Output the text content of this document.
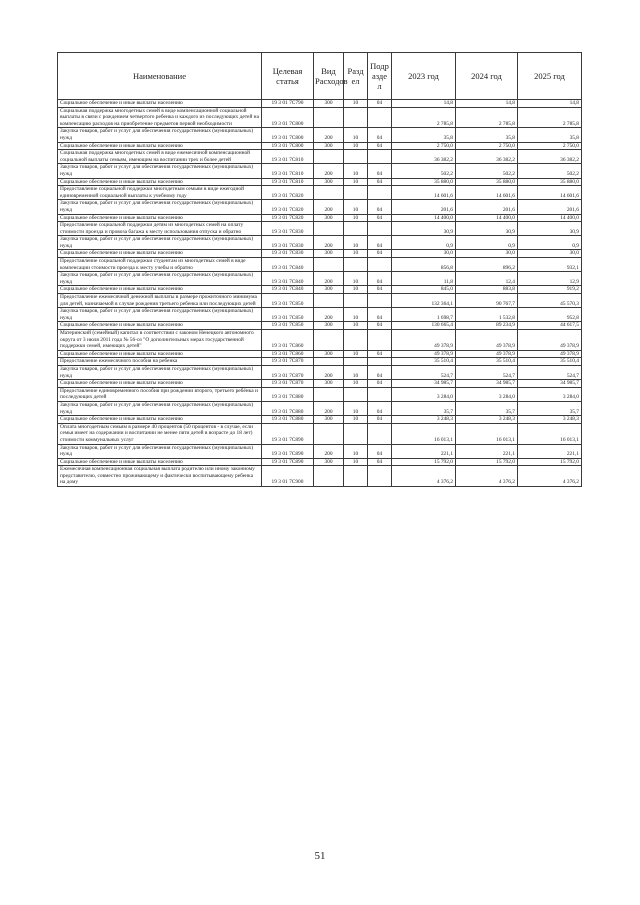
Наименование	Целевая статья	Вид Расходов	Разд ел	Подр азде л	2023 год	2024 год	2025 год
Социальное обеспечение и иные выплаты населению	19 3 01 7С790	300	10	04	14,8	14,8	14,8
Социальная поддержка многодетных семей в виде компенсационной социальной выплаты в связи с рождением четвертого ребенка и каждого из последующих детей на компенсацию расходов на приобретение предметов первой необходимости	19 3 01 7С800				2 785,8	2 785,8	2 785,8
Закупка товаров, работ и услуг для обеспечения государственных (муниципальных) нужд	19 3 01 7С800	200	10	04	35,8	35,8	35,8
Социальное обеспечение и иные выплаты населению	19 3 01 7С800	300	10	04	2 750,0	2 750,0	2 750,0
Социальная поддержка многодетных семей в виде ежемесячной компенсационной социальной выплаты семьям, имеющим на воспитании трех и более детей	19 3 01 7С810				36 382,2	36 382,2	36 382,2
Закупка товаров, работ и услуг для обеспечения государственных (муниципальных) нужд	19 3 01 7С810	200	10	04	502,2	502,2	502,2
Социальное обеспечение и иные выплаты населению	19 3 01 7С810	300	10	04	35 880,0	35 880,0	35 880,0
Предоставление социальной поддержки многодетным семьям в виде ежегодной единовременной социальной выплаты к учебному году	19 3 01 7С820				14 601,6	14 601,6	14 601,6
Закупка товаров, работ и услуг для обеспечения государственных (муниципальных) нужд	19 3 01 7С820	200	10	04	201,6	201,6	201,6
Социальное обеспечение и иные выплаты населению	19 3 01 7С820	300	10	04	14 400,0	14 400,0	14 400,0
Предоставление социальной поддержки детям из многодетных семей на оплату стоимости проезда и провоза багажа к месту использования отпуска и обратно	19 3 01 7С830				30,9	30,9	30,9
Закупка товаров, работ и услуг для обеспечения государственных (муниципальных) нужд	19 3 01 7С830	200	10	04	0,9	0,9	0,9
Социальное обеспечение и иные выплаты населению	19 3 01 7С830	300	10	04	30,0	30,0	30,0
Предоставление социальной поддержки студентам из многодетных семей в виде компенсации стоимости проезда к месту учебы и обратно	19 3 01 7С840				856,8	896,2	932,1
Закупка товаров, работ и услуг для обеспечения государственных (муниципальных) нужд	19 3 01 7С840	200	10	04	11,8	12,4	12,9
Социальное обеспечение и иные выплаты населению	19 3 01 7С840	300	10	04	845,0	883,8	919,2
Предоставление ежемесячной денежной выплаты в размере прожиточного минимума для детей, назначаемой в случае рождения третьего ребенка или последующих детей	19 3 01 7С850				132 364,1	90 767,7	45 570,3
Закупка товаров, работ и услуг для обеспечения государственных (муниципальных) нужд	19 3 01 7С850	200	10	04	1 698,7	1 532,8	952,8
Социальное обеспечение и иные выплаты населению	19 3 01 7С850	300	10	04	130 665,4	89 234,9	44 617,5
Материнский (семейный) капитал в соответствии с законом Ненецкого автономного округа от 3 июля 2011 года № 56-оз "О дополнительных мерах государственной поддержки семей, имеющих детей"	19 3 01 7С860				49 378,9	49 378,9	49 378,9
Социальное обеспечение и иные выплаты населению	19 3 01 7С860	300	10	04	49 378,9	49 378,9	49 378,9
Предоставление ежемесячного пособия на ребенка	19 3 01 7С870				35 510,4	35 510,4	35 510,4
Закупка товаров, работ и услуг для обеспечения государственных (муниципальных) нужд	19 3 01 7С870	200	10	04	524,7	524,7	524,7
Социальное обеспечение и иные выплаты населению	19 3 01 7С870	300	10	04	34 985,7	34 985,7	34 985,7
Предоставление единовременного пособия при рождении второго, третьего ребёнка и последующих детей	19 3 01 7С880				3 284,0	3 284,0	3 284,0
Закупка товаров, работ и услуг для обеспечения государственных (муниципальных) нужд	19 3 01 7С880	200	10	04	35,7	35,7	35,7
Социальное обеспечение и иные выплаты населению	19 3 01 7С880	300	10	04	3 248,3	3 248,3	3 248,3
Оплата многодетным семьям в размере 40 процентов (50 процентов - в случае, если семья имеет на содержании и воспитании не менее пяти детей в возрасте до 18 лет) стоимости коммунальных услуг	19 3 01 7С890				16 013,1	16 013,1	16 013,1
Закупка товаров, работ и услуг для обеспечения государственных (муниципальных) нужд	19 3 01 7С890	200	10	04	221,1	221,1	221,1
Социальное обеспечение и иные выплаты населению	19 3 01 7С890	300	10	04	15 792,0	15 792,0	15 792,0
Ежемесячная компенсационная социальная выплата родителю или иному законному представителю, совместно проживающему и фактически воспитывающему ребенка на дому	19 3 01 7С900				4 376,2	4 376,2	4 376,2
51
